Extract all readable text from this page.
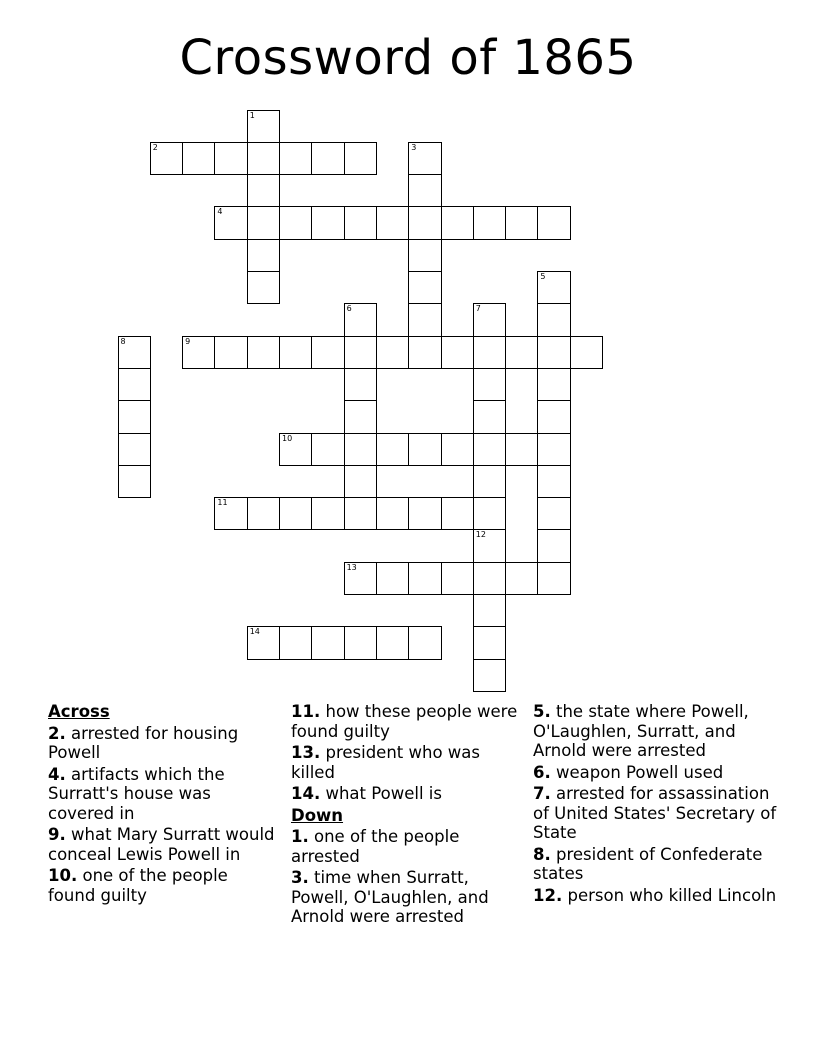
Crossword of 1865
1
2	3
4
5
6	7
8	9
10
11
12
13
14
Across
2. arrested for housing Powell
4. artifacts which the Surratt's house was covered in
9. what Mary Surratt would conceal Lewis Powell in
10. one of the people found guilty
11. how these people were found guilty
13. president who was killed
14. what Powell is
Down
1. one of the people arrested
3. time when Surratt, Powell, O'Laughlen, and Arnold were arrested
5. the state where Powell, O'Laughlen, Surratt, and Arnold were arrested
6. weapon Powell used
7. arrested for assassination of United States' Secretary of State
8. president of Confederate states
12. person who killed Lincoln
